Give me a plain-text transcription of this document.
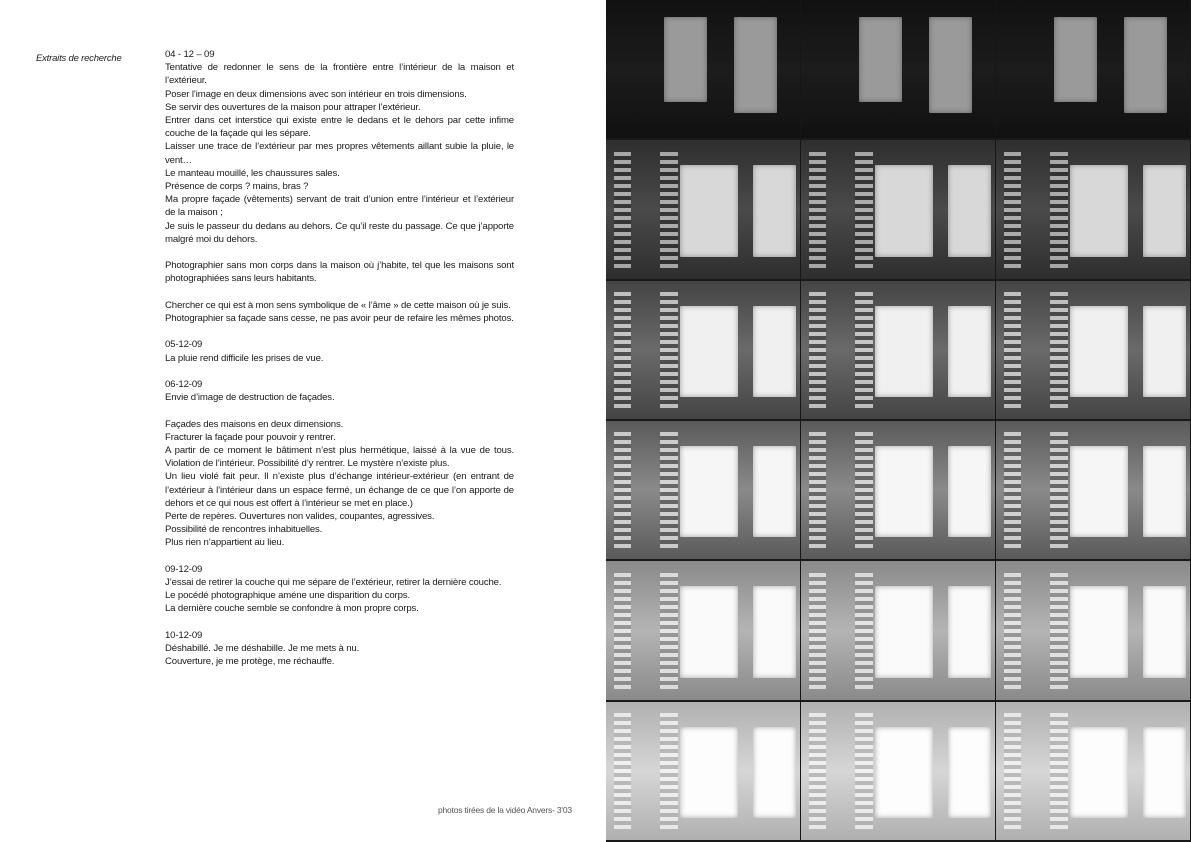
Extraits de recherche	04 - 12 – 09
Tentative de redonner le sens de la frontière entre l’intérieur de la maison et l’extérieur.
Poser l’image en deux dimensions avec son intérieur en trois dimensions.
Se servir des ouvertures de la maison pour attraper l’extérieur.
Entrer dans cet interstice qui existe entre le dedans et le dehors par cette infime couche de la façade qui les sépare.
Laisser une trace de l’extérieur par mes propres vêtements aillant subie la pluie, le vent…
Le manteau mouillé, les chaussures sales.
Présence de corps ? mains, bras ?
Ma propre façade (vêtements) servant de trait d’union entre l’intérieur et l’extérieur de la maison ;
Je suis le passeur du dedans au dehors. Ce qu’il reste du passage. Ce que j’apporte malgré moi du dehors.
Photographier sans mon corps dans la maison où j’habite, tel que les maisons sont photographiées sans leurs habitants.
Chercher ce qui est à mon sens symbolique de « l’âme » de cette maison où je suis.
Photographier sa façade sans cesse, ne pas avoir peur de refaire les mêmes photos.
05-12-09
La pluie rend difficile les prises de vue.
06-12-09
Envie d’image de destruction de façades.
Façades des maisons en deux dimensions.
Fracturer la façade pour pouvoir y rentrer.
A partir de ce moment le bâtiment n’est plus hermétique, laissé à la vue de tous. Violation de l’intérieur. Possibilité d’y rentrer. Le mystère n’existe plus.
Un lieu violé fait peur. Il n’existe plus d’échange intérieur-extérieur (en entrant de l’extérieur à l’intérieur dans un espace fermé, un échange de ce que l’on apporte de dehors et ce qui nous est offert à l’intérieur se met en place.)
Perte de repères. Ouvertures non valides, coupantes, agressives.
Possibilité de rencontres inhabituelles.
Plus rien n’appartient au lieu.
09-12-09
J’essai de retirer la couche qui me sépare de l’extérieur, retirer la dernière couche.
Le pocédé photographique améne une disparition du corps.
La dernière couche semble se confondre à mon propre corps.
10-12-09
Déshabillé. Je me déshabille. Je me mets à nu.
Couverture, je me protège, me réchauffe.
photos tirées de la vidéo Anvers- 3'03
